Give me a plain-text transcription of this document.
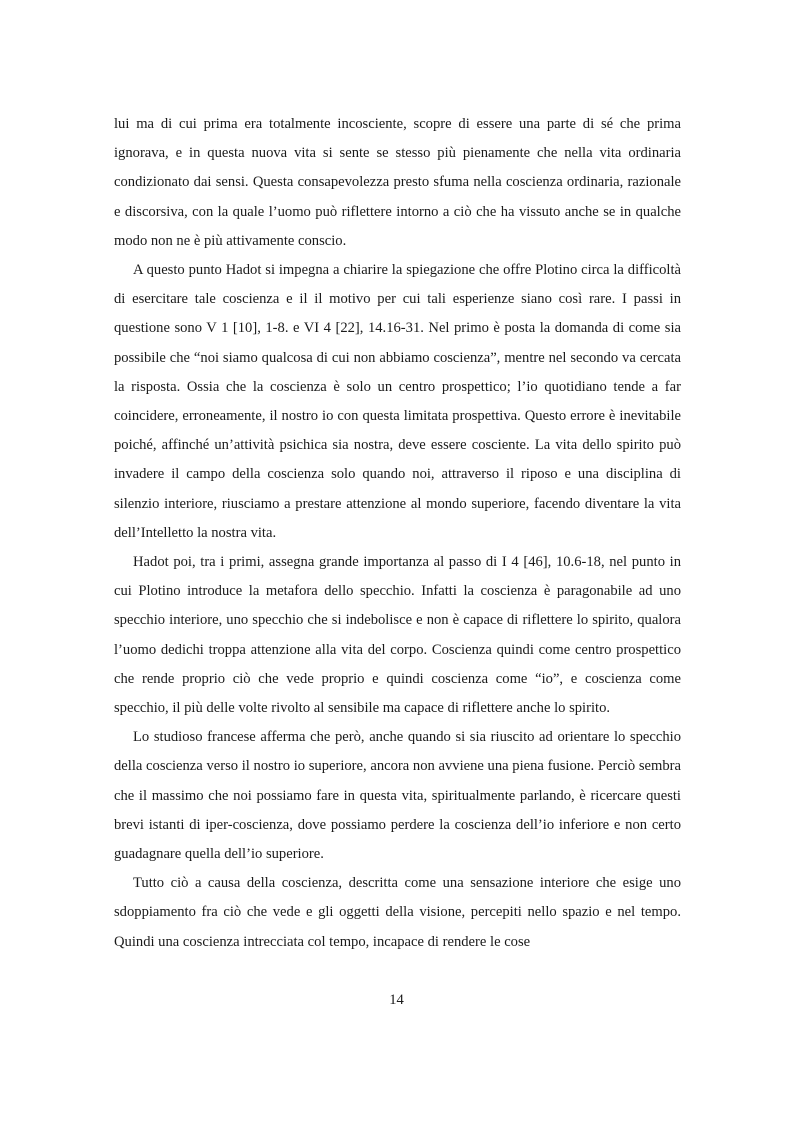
lui ma di cui prima era totalmente incosciente, scopre di essere una parte di sé che prima ignorava, e in questa nuova vita si sente se stesso più pienamente che nella vita ordinaria condizionato dai sensi. Questa consapevolezza presto sfuma nella coscienza ordinaria, razionale e discorsiva, con la quale l’uomo può riflettere intorno a ciò che ha vissuto anche se in qualche modo non ne è più attivamente conscio.

A questo punto Hadot si impegna a chiarire la spiegazione che offre Plotino circa la difficoltà di esercitare tale coscienza e il il motivo per cui tali esperienze siano così rare. I passi in questione sono V 1 [10], 1-8. e VI 4 [22], 14.16-31. Nel primo è posta la domanda di come sia possibile che “noi siamo qualcosa di cui non abbiamo coscienza”, mentre nel secondo va cercata la risposta. Ossia che la coscienza è solo un centro prospettico; l’io quotidiano tende a far coincidere, erroneamente, il nostro io con questa limitata prospettiva. Questo errore è inevitabile poiché, affinché un’attività psichica sia nostra, deve essere cosciente. La vita dello spirito può invadere il campo della coscienza solo quando noi, attraverso il riposo e una disciplina di silenzio interiore, riusciamo a prestare attenzione al mondo superiore, facendo diventare la vita dell’Intelletto la nostra vita.

Hadot poi, tra i primi, assegna grande importanza al passo di I 4 [46], 10.6-18, nel punto in cui Plotino introduce la metafora dello specchio. Infatti la coscienza è paragonabile ad uno specchio interiore, uno specchio che si indebolisce e non è capace di riflettere lo spirito, qualora l’uomo dedichi troppa attenzione alla vita del corpo. Coscienza quindi come centro prospettico che rende proprio ciò che vede proprio e quindi coscienza come “io”, e coscienza come specchio, il più delle volte rivolto al sensibile ma capace di riflettere anche lo spirito.

Lo studioso francese afferma che però, anche quando si sia riuscito ad orientare lo specchio della coscienza verso il nostro io superiore, ancora non avviene una piena fusione. Perciò sembra che il massimo che noi possiamo fare in questa vita, spiritualmente parlando, è ricercare questi brevi istanti di iper-coscienza, dove possiamo perdere la coscienza dell’io inferiore e non certo guadagnare quella dell’io superiore.

Tutto ciò a causa della coscienza, descritta come una sensazione interiore che esige uno sdoppiamento fra ciò che vede e gli oggetti della visione, percepiti nello spazio e nel tempo. Quindi una coscienza intrecciata col tempo, incapace di rendere le cose

14
